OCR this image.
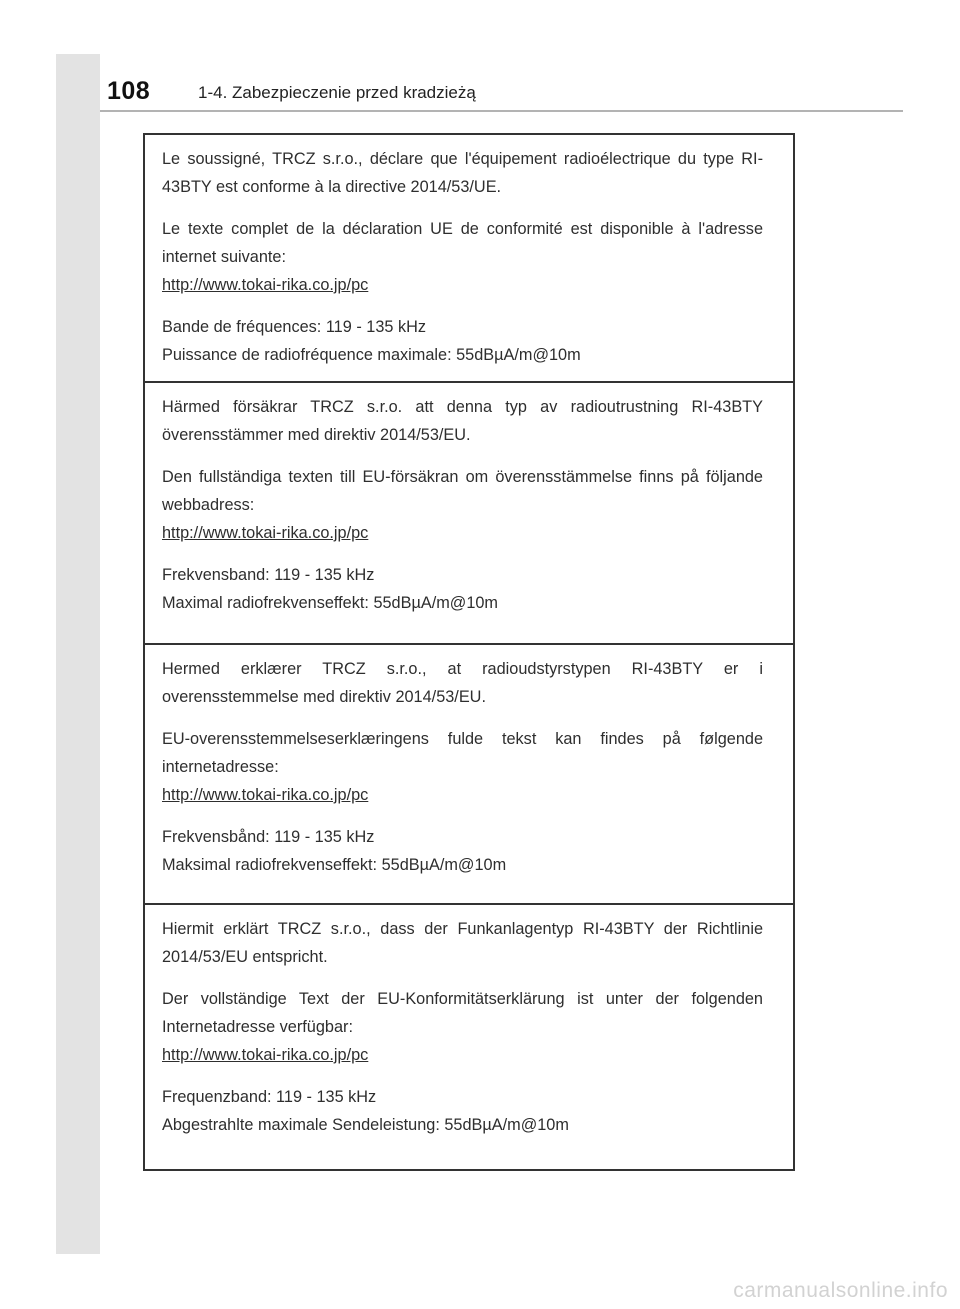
108	1-4. Zabezpieczenie przed kradzieżą

Le soussigné, TRCZ s.r.o., déclare que l'équipement radioélectrique du type RI-43BTY est conforme à la directive 2014/53/UE.

Le texte complet de la déclaration UE de conformité est disponible à l'adresse internet suivante:

http://www.tokai-rika.co.jp/pc

Bande de fréquences: 119 - 135 kHz

Puissance de radiofréquence maximale: 55dBµA/m@10m

Härmed försäkrar TRCZ s.r.o. att denna typ av radioutrustning RI-43BTY överensstämmer med direktiv 2014/53/EU.

Den fullständiga texten till EU-försäkran om överensstämmelse finns på följande webbadress:

http://www.tokai-rika.co.jp/pc

Frekvensband: 119 - 135 kHz

Maximal radiofrekvenseffekt: 55dBµA/m@10m

Hermed erklærer TRCZ s.r.o., at radioudstyrstypen RI-43BTY er i overensstemmelse med direktiv 2014/53/EU.

EU-overensstemmelseserklæringens fulde tekst kan findes på følgende internetadresse:

http://www.tokai-rika.co.jp/pc

Frekvensbånd: 119 - 135 kHz

Maksimal radiofrekvenseffekt: 55dBµA/m@10m

Hiermit erklärt TRCZ s.r.o., dass der Funkanlagentyp RI-43BTY der Richtlinie 2014/53/EU entspricht.

Der vollständige Text der EU-Konformitätserklärung ist unter der folgenden Internetadresse verfügbar:

http://www.tokai-rika.co.jp/pc

Frequenzband: 119 - 135 kHz

Abgestrahlte maximale Sendeleistung: 55dBµA/m@10m

carmanualsonline.info
